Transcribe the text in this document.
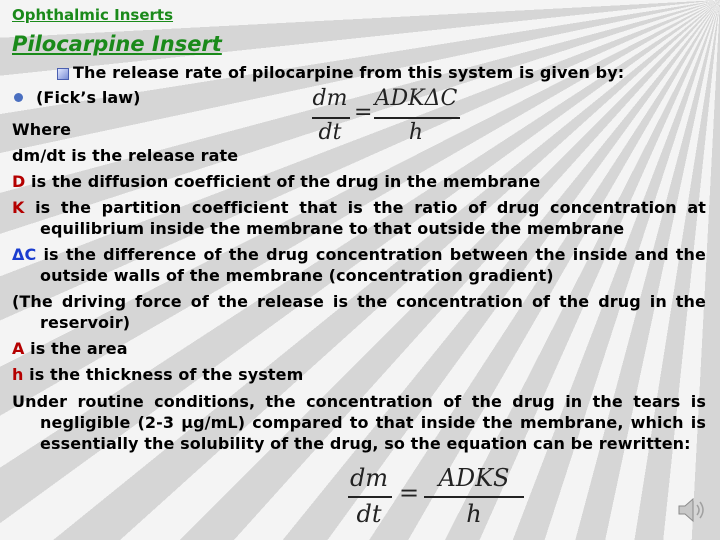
Ophthalmic Inserts
Pilocarpine Insert
The release rate of pilocarpine from this system is given by:
(Fick’s law)	dm
dt
=
ADKΔC
h
Where
dm/dt is the release rate
D is the diffusion coefficient of the drug in the membrane
K is the partition coefficient that is the ratio of drug concentration at
equilibrium inside the membrane to that outside the membrane
ΔC is the difference of the drug concentration between the inside and the
outside walls of the membrane (concentration gradient)
(The driving force of the release is the concentration of the drug in the
reservoir)
A is the area
h is the thickness of the system
Under routine conditions, the concentration of the drug in the tears is
negligible (2-3 μg/mL) compared to that inside the membrane, which is
essentially the solubility of the drug, so the equation can be rewritten:
dm
dt
=
ADKS
h
